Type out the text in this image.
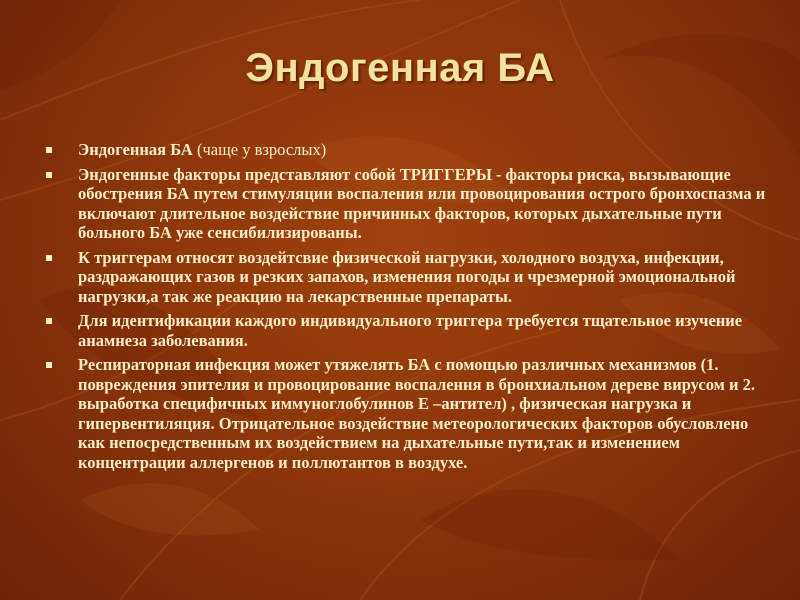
Эндогенная БА
Эндогенная БА (чаще у взрослых)
Эндогенные факторы представляют собой ТРИГГЕРЫ - факторы риска, вызывающие обострения БА путем стимуляции воспаления или провоцирования острого бронхоспазма и включают длительное воздействие причинных факторов, которых дыхательные пути больного БА уже сенсибилизированы.
К триггерам относят воздейтсвие физической нагрузки, холодного воздуха, инфекции, раздражающих газов и резких запахов, изменения погоды и чрезмерной эмоциональной нагрузки,а так же реакцию на лекарственные препараты.
Для идентификации каждого индивидуального триггера требуется тщательное изучение анамнеза заболевания.
Респираторная инфекция может утяжелять БА с помощью различных механизмов (1. повреждения эпителия и провоцирование воспалення в бронхиальном дереве вирусом и 2. выработка специфичных иммуноглобулинов Е –антител) , физическая нагрузка и гипервентиляция. Отрицательное воздействие метеорологических факторов обусловлено как непосредственным их воздействием на дыхательные пути,так и изменением концентрации аллергенов и поллютантов в воздухе.
